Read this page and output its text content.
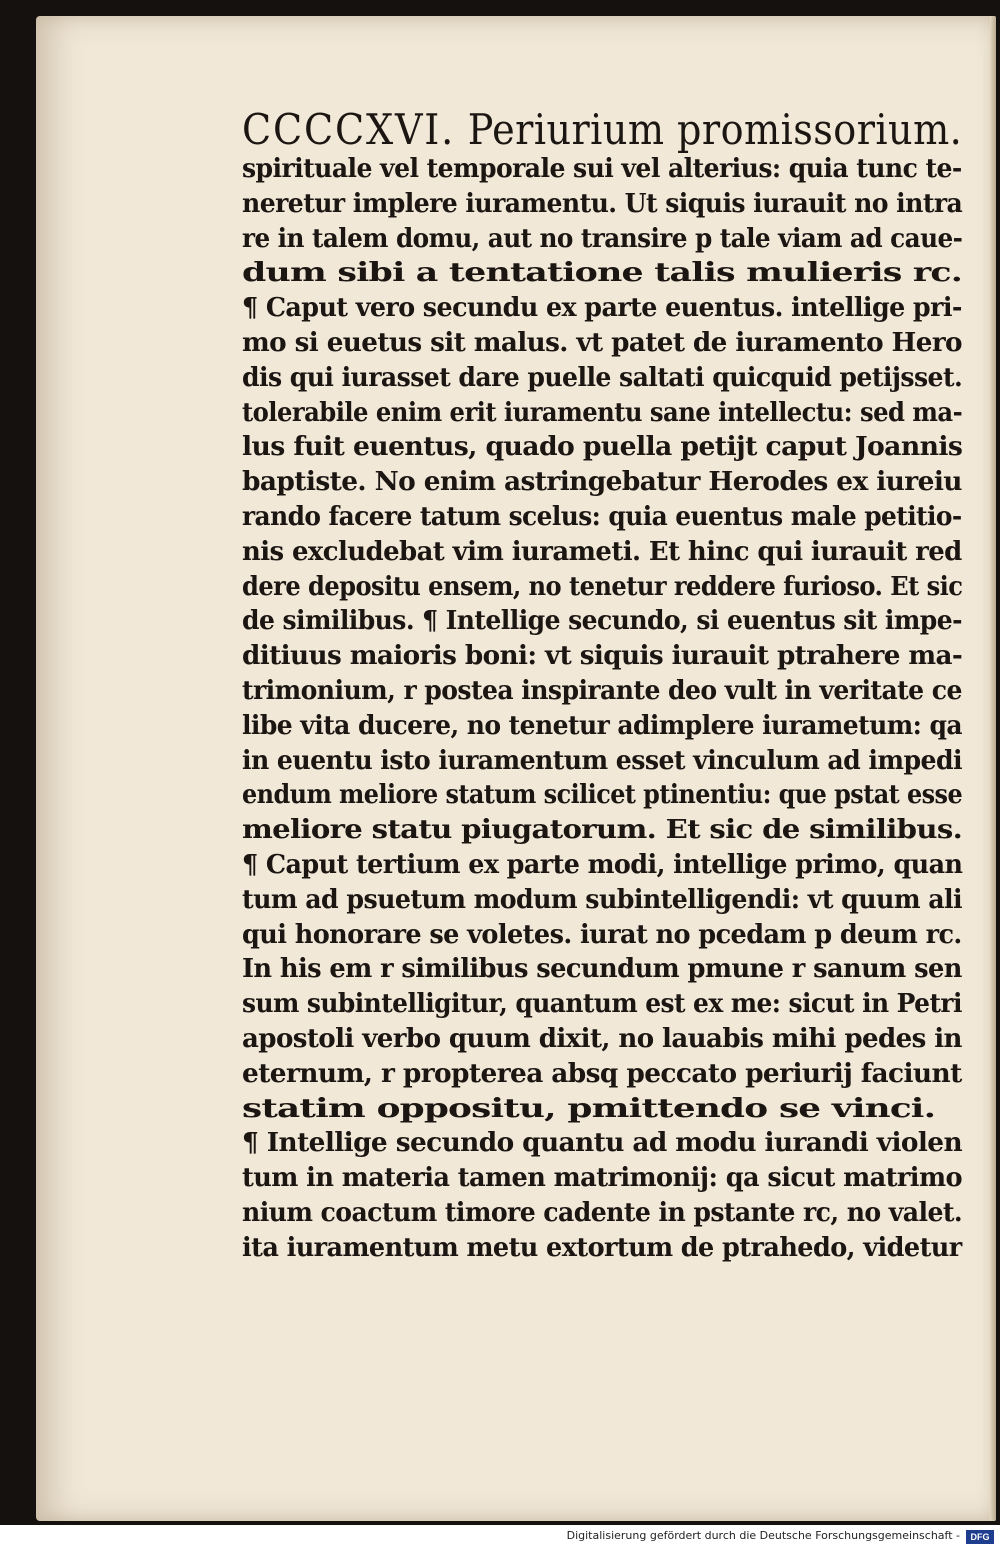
CCCCXVI. Periurium promissorium.
spirituale vel temporale sui vel alterius: quia tunc te-
neretur implere iuramentu. Ut siquis iurauit no intra
re in talem domu, aut no transire p tale viam ad caue-
dum sibi a tentatione talis mulieris rc.
¶ Caput vero secundu ex parte euentus. intellige pri-
mo si euetus sit malus. vt patet de iuramento Hero
dis qui iurasset dare puelle saltati quicquid petijsset.
tolerabile enim erit iuramentu sane intellectu: sed ma-
lus fuit euentus, quado puella petijt caput Joannis
baptiste. No enim astringebatur Herodes ex iureiu
rando facere tatum scelus: quia euentus male petitio-
nis excludebat vim iurameti. Et hinc qui iurauit red
dere depositu ensem, no tenetur reddere furioso. Et sic
de similibus. ¶ Intellige secundo, si euentus sit impe-
ditiuus maioris boni: vt siquis iurauit ptrahere ma-
trimonium, r postea inspirante deo vult in veritate ce
libe vita ducere, no tenetur adimplere iurametum: qa
in euentu isto iuramentum esset vinculum ad impedi
endum meliore statum scilicet ptinentiu: que pstat esse
meliore statu piugatorum. Et sic de similibus.
¶ Caput tertium ex parte modi, intellige primo, quan
tum ad psuetum modum subintelligendi: vt quum ali
qui honorare se voletes. iurat no pcedam p deum rc.
In his em r similibus secundum pmune r sanum sen
sum subintelligitur, quantum est ex me: sicut in Petri
apostoli verbo quum dixit, no lauabis mihi pedes in
eternum, r propterea absq peccato periurij faciunt
statim oppositu, pmittendo se vinci.
¶ Intellige secundo quantu ad modu iurandi violen
tum in materia tamen matrimonij: qa sicut matrimo
nium coactum timore cadente in pstante rc, no valet.
ita iuramentum metu extortum de ptrahedo, videtur
Digitalisierung gefördert durch die Deutsche Forschungsgemeinschaft -	DFG
